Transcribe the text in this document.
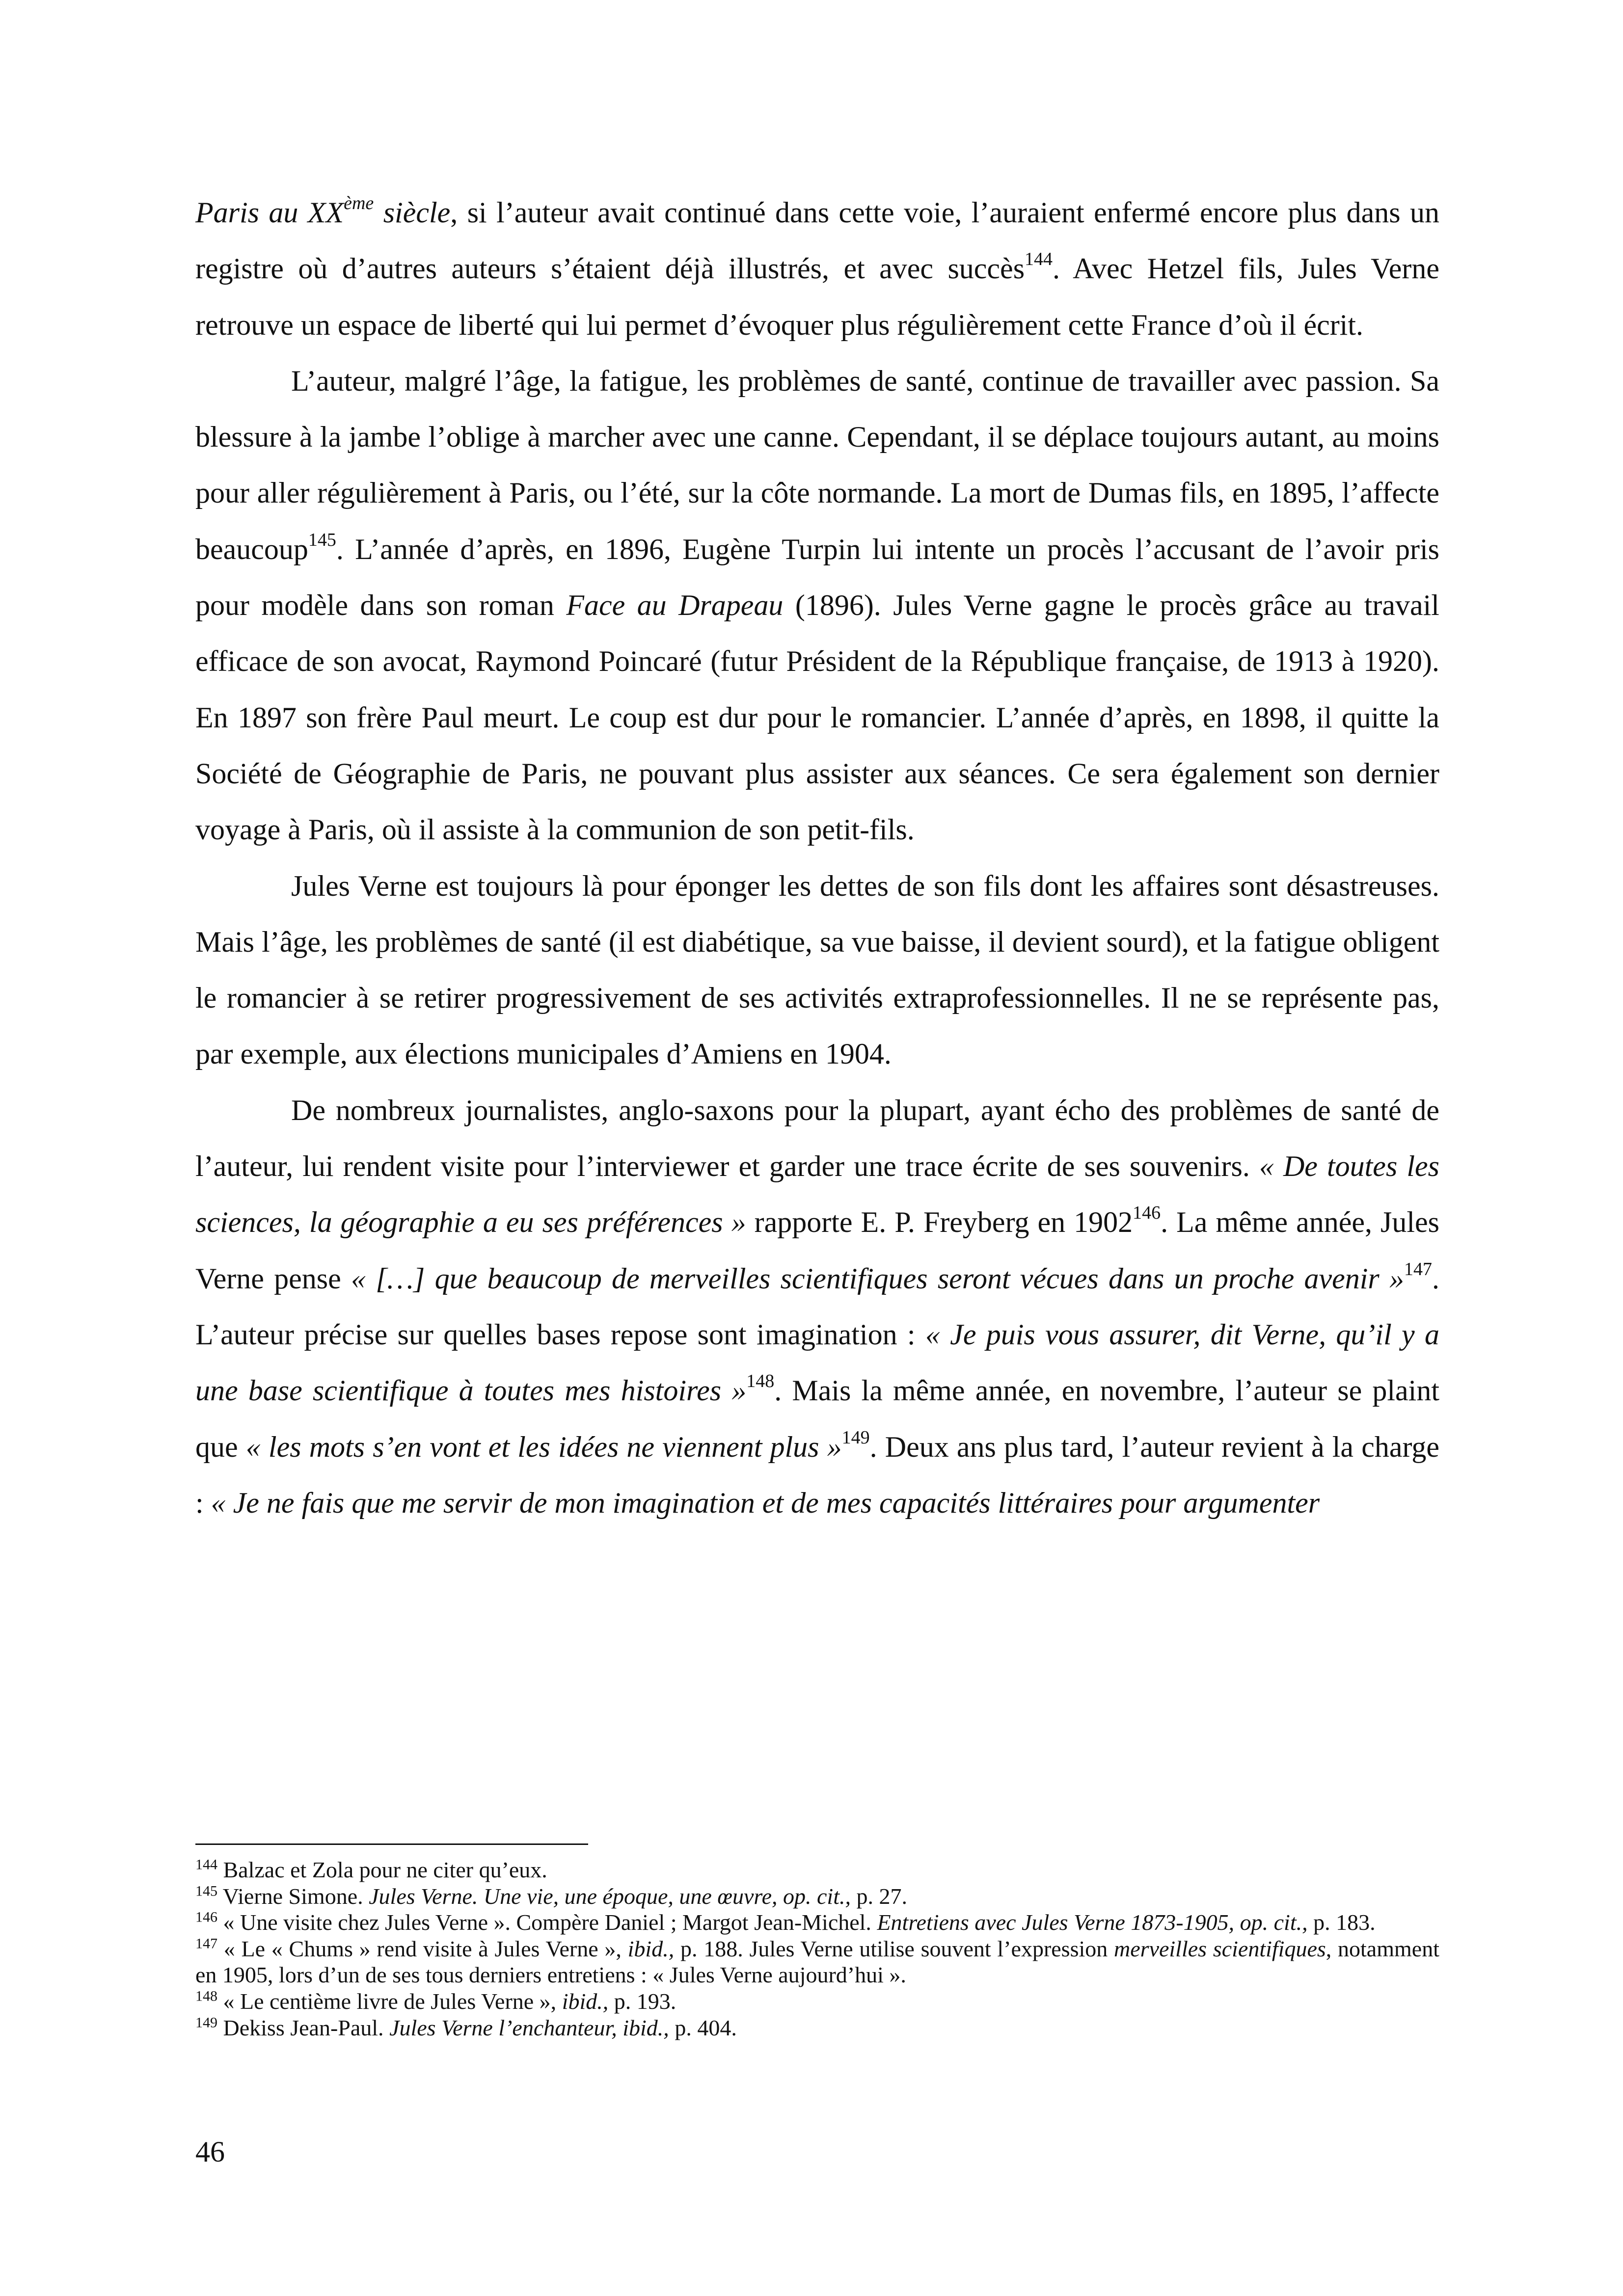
Paris au XXème siècle, si l’auteur avait continué dans cette voie, l’auraient enfermé encore plus dans un registre où d’autres auteurs s’étaient déjà illustrés, et avec succès$^{144}$. Avec Hetzel fils, Jules Verne retrouve un espace de liberté qui lui permet d’évoquer plus régulièrement cette France d’où il écrit.

L’auteur, malgré l’âge, la fatigue, les problèmes de santé, continue de travailler avec passion. Sa blessure à la jambe l’oblige à marcher avec une canne. Cependant, il se déplace toujours autant, au moins pour aller régulièrement à Paris, ou l’été, sur la côte normande. La mort de Dumas fils, en 1895, l’affecte beaucoup$^{145}$. L’année d’après, en 1896, Eugène Turpin lui intente un procès l’accusant de l’avoir pris pour modèle dans son roman Face au Drapeau (1896). Jules Verne gagne le procès grâce au travail efficace de son avocat, Raymond Poincaré (futur Président de la République française, de 1913 à 1920). En 1897 son frère Paul meurt. Le coup est dur pour le romancier. L’année d’après, en 1898, il quitte la Société de Géographie de Paris, ne pouvant plus assister aux séances. Ce sera également son dernier voyage à Paris, où il assiste à la communion de son petit-fils.

Jules Verne est toujours là pour éponger les dettes de son fils dont les affaires sont désastreuses. Mais l’âge, les problèmes de santé (il est diabétique, sa vue baisse, il devient sourd), et la fatigue obligent le romancier à se retirer progressivement de ses activités extraprofessionnelles. Il ne se représente pas, par exemple, aux élections municipales d’Amiens en 1904.

De nombreux journalistes, anglo-saxons pour la plupart, ayant écho des problèmes de santé de l’auteur, lui rendent visite pour l’interviewer et garder une trace écrite de ses souvenirs. « De toutes les sciences, la géographie a eu ses préférences » rapporte E. P. Freyberg en 1902$^{146}$. La même année, Jules Verne pense « […] que beaucoup de merveilles scientifiques seront vécues dans un proche avenir »$^{147}$. L’auteur précise sur quelles bases repose sont imagination : « Je puis vous assurer, dit Verne, qu’il y a une base scientifique à toutes mes histoires »$^{148}$. Mais la même année, en novembre, l’auteur se plaint que « les mots s’en vont et les idées ne viennent plus »$^{149}$. Deux ans plus tard, l’auteur revient à la charge : « Je ne fais que me servir de mon imagination et de mes capacités littéraires pour argumenter

$^{144}$ Balzac et Zola pour ne citer qu’eux.
$^{145}$ Vierne Simone. Jules Verne. Une vie, une époque, une œuvre, op. cit., p. 27.
$^{146}$ « Une visite chez Jules Verne ». Compère Daniel ; Margot Jean-Michel. Entretiens avec Jules Verne 1873-1905, op. cit., p. 183.
$^{147}$ « Le « Chums » rend visite à Jules Verne », ibid., p. 188. Jules Verne utilise souvent l’expression merveilles scientifiques, notamment en 1905, lors d’un de ses tous derniers entretiens : « Jules Verne aujourd’hui ».
$^{148}$ « Le centième livre de Jules Verne », ibid., p. 193.
$^{149}$ Dekiss Jean-Paul. Jules Verne l’enchanteur, ibid., p. 404.
46
